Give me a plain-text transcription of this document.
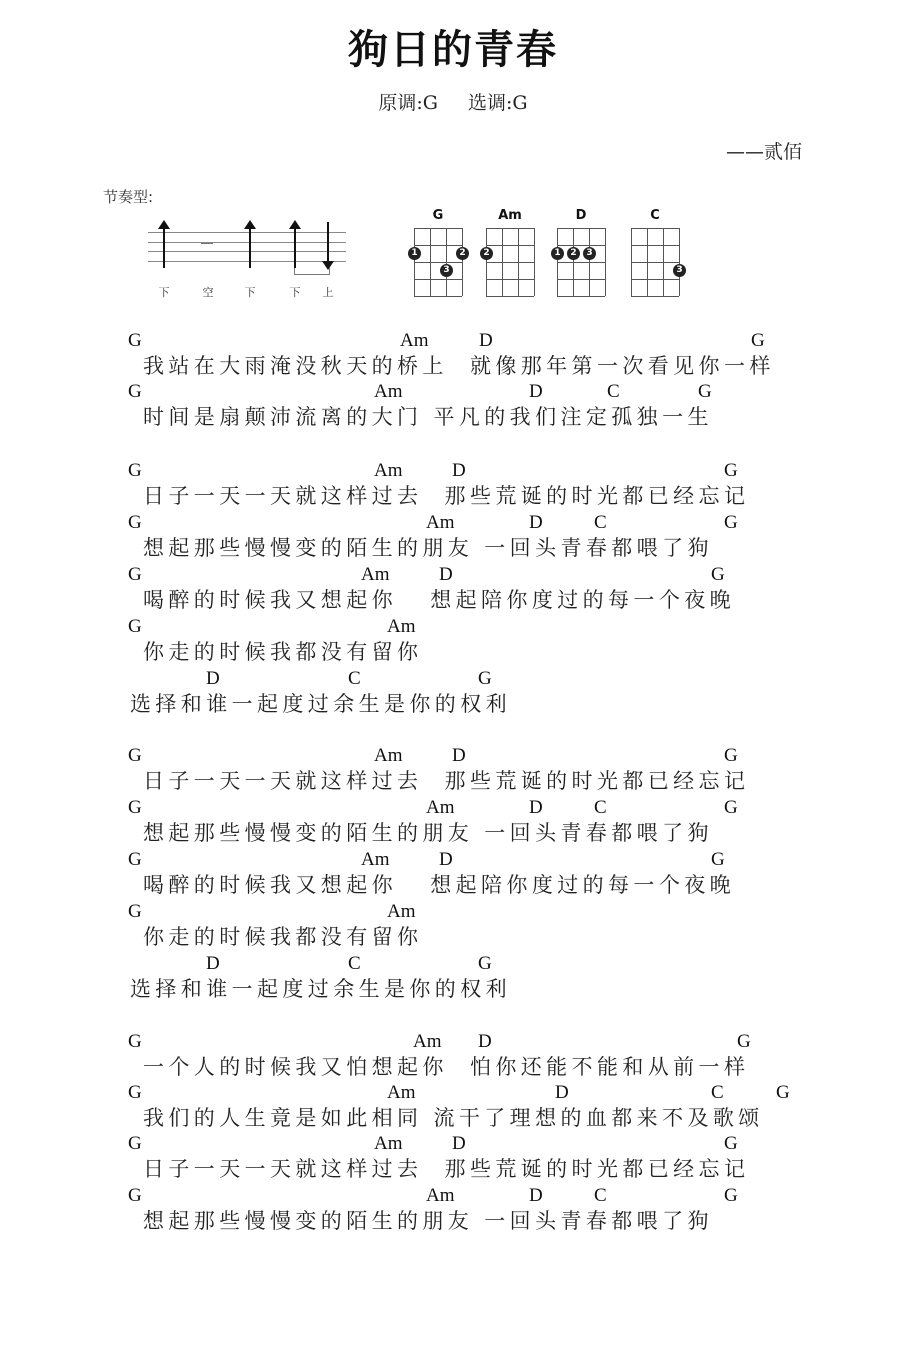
狗日的青春
原调:G 选调:G
——贰佰
节奏型:
下	空	下	下 上
G
1	2
3
Am
2
D
1	2	3
C
3
G	Am	D	G
我站在大雨淹没秋天的桥上  就像那年第一次看见你一样
G	Am	D	C	G
时间是扇颠沛流离的大门 平凡的我们注定孤独一生
G	Am	D	G
日子一天一天就这样过去  那些荒诞的时光都已经忘记
G	Am	D	C	G
想起那些慢慢变的陌生的朋友 一回头青春都喂了狗
G	Am	D	G
喝醉的时候我又想起你   想起陪你度过的每一个夜晚
G	Am
你走的时候我都没有留你
D	C	G
选择和谁一起度过余生是你的权利
G	Am	D	G
日子一天一天就这样过去  那些荒诞的时光都已经忘记
G	Am	D	C	G
想起那些慢慢变的陌生的朋友 一回头青春都喂了狗
G	Am	D	G
喝醉的时候我又想起你   想起陪你度过的每一个夜晚
G	Am
你走的时候我都没有留你
D	C	G
选择和谁一起度过余生是你的权利
G	Am D	G
一个人的时候我又怕想起你  怕你还能不能和从前一样
G	Am	D	C	G
我们的人生竟是如此相同 流干了理想的血都来不及歌颂
G	Am	D	G
日子一天一天就这样过去  那些荒诞的时光都已经忘记
G	Am	D	C	G
想起那些慢慢变的陌生的朋友 一回头青春都喂了狗
